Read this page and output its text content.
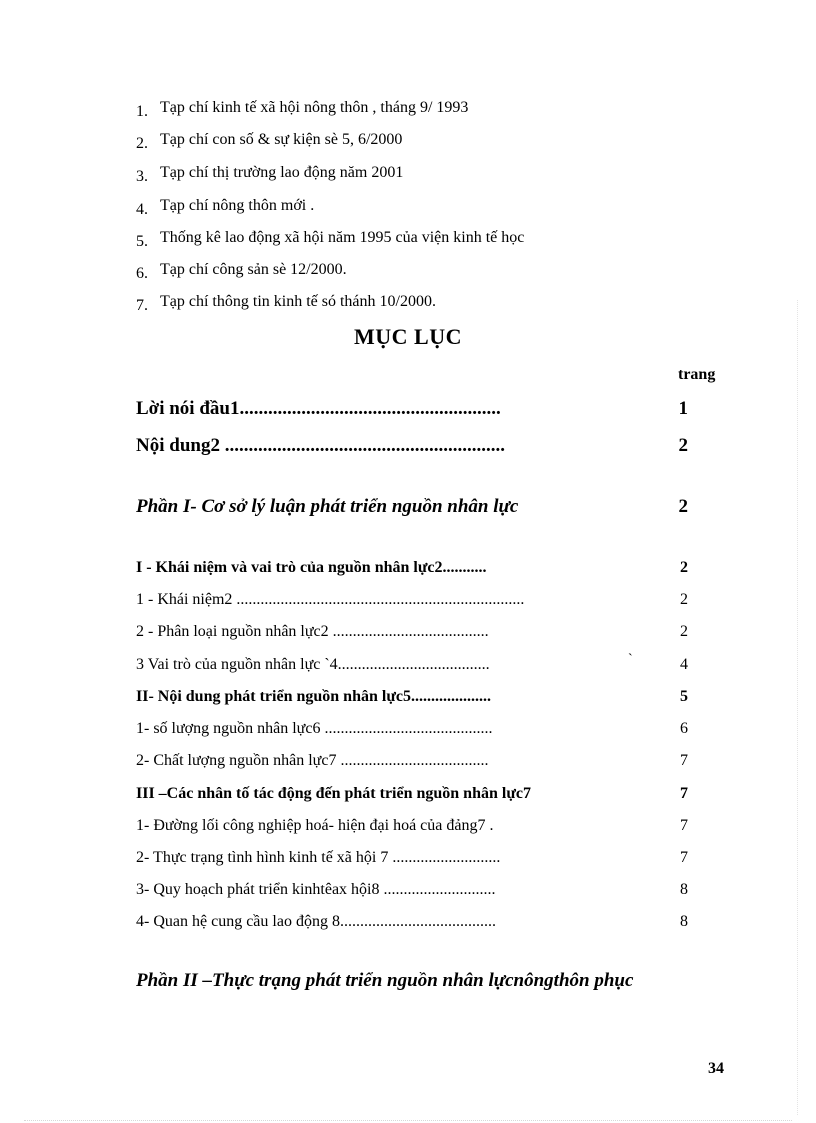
1. Tạp chí kinh tế xã hội nông thôn , tháng 9/ 1993
2. Tạp chí con số & sự kiện sè 5, 6/2000
3. Tạp chí thị trường lao động năm 2001
4. Tạp chí nông thôn mới .
5. Thống kê lao động xã hội năm 1995 của viện kinh tế học
6. Tạp chí công sản sè 12/2000.
7. Tạp chí thông tin kinh tế só thánh 10/2000.
MỤC LỤC
trang
Lời nói đầu1.......................................................	1
Nội dung2 ...........................................................	2
Phần I- Cơ sở lý luận phát triển nguồn nhân lực	2
I - Khái niệm và vai trò của nguồn nhân lực2...........	2
1 - Khái niệm2 ........................................................................	2
2 - Phân loại nguồn nhân lực2 .......................................	2
3 Vai trò của nguồn nhân lực `4......................................	4
`
II- Nội dung phát triển nguồn nhân lực5....................	5
1- số lượng nguồn nhân lực6 ..........................................	6
2- Chất lượng nguồn nhân lực7 .....................................	7
III –Các nhân tố tác động đến phát triển nguồn nhân lực7	7
1- Đường lối công nghiệp hoá- hiện đại hoá của đảng7 .	7
2- Thực trạng tình hình kinh tế xã hội 7 ...........................	7
3- Quy hoạch phát triển kinhtêax hội8 ............................	8
4- Quan hệ cung cầu lao động 8.......................................	8
Phần II –Thực trạng phát triển nguồn nhân lựcnôngthôn phục
34
